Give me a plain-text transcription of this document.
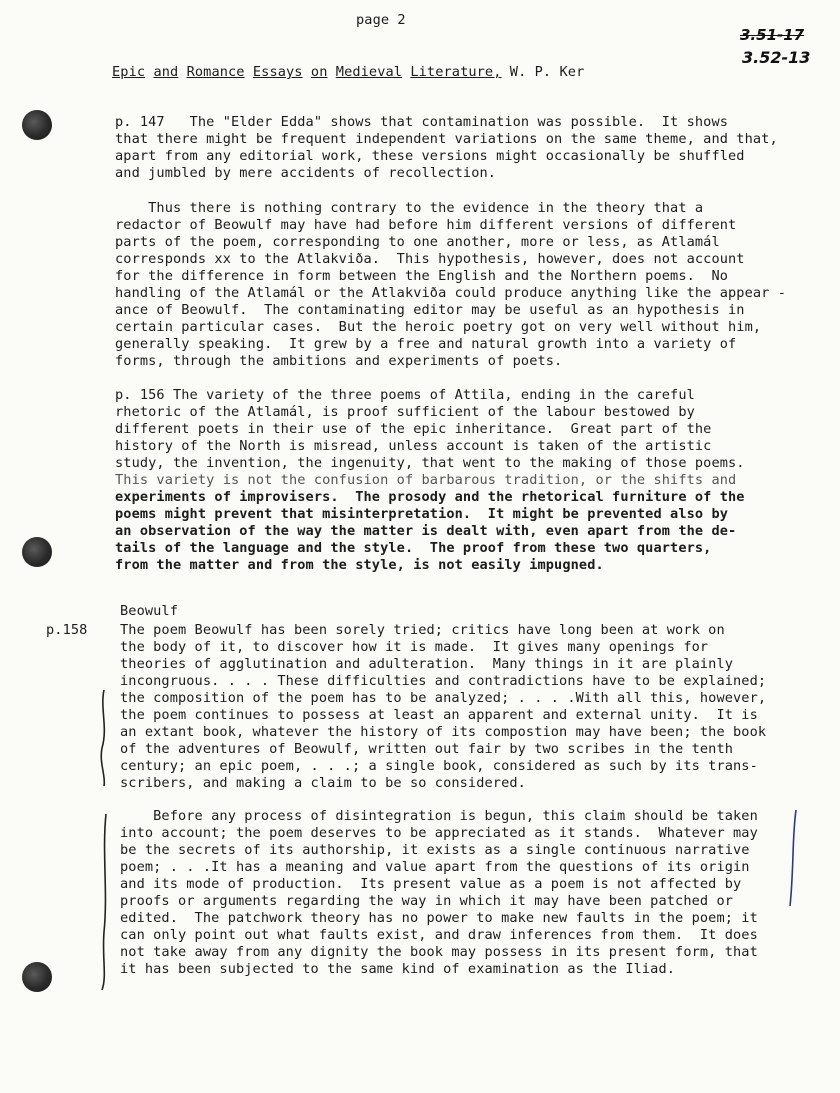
page 2
3.51-17
3.52-13
Epic and Romance Essays on Medieval Literature, W. P. Ker
p. 147   The "Elder Edda" shows that contamination was possible.  It shows
that there might be frequent independent variations on the same theme, and that,
apart from any editorial work, these versions might occasionally be shuffled
and jumbled by mere accidents of recollection.
Thus there is nothing contrary to the evidence in the theory that a
redactor of Beowulf may have had before him different versions of different
parts of the poem, corresponding to one another, more or less, as Atlamál
corresponds xx to the Atlakviða.  This hypothesis, however, does not account
for the difference in form between the English and the Northern poems.  No
handling of the Atlamál or the Atlakviða could produce anything like the appear -
ance of Beowulf.  The contaminating editor may be useful as an hypothesis in
certain particular cases.  But the heroic poetry got on very well without him,
generally speaking.  It grew by a free and natural growth into a variety of
forms, through the ambitions and experiments of poets.
p. 156 The variety of the three poems of Attila, ending in the careful
rhetoric of the Atlamál, is proof sufficient of the labour bestowed by
different poets in their use of the epic inheritance.  Great part of the
history of the North is misread, unless account is taken of the artistic
study, the invention, the ingenuity, that went to the making of those poems.
This variety is not the confusion of barbarous tradition, or the shifts and
experiments of improvisers.  The prosody and the rhetorical furniture of the
poems might prevent that misinterpretation.  It might be prevented also by
an observation of the way the matter is dealt with, even apart from the de-
tails of the language and the style.  The proof from these two quarters,
from the matter and from the style, is not easily impugned.
Beowulf
p.158 The poem Beowulf has been sorely tried; critics have long been at work on
the body of it, to discover how it is made.  It gives many openings for
theories of agglutination and adulteration.  Many things in it are plainly
incongruous. . . . These difficulties and contradictions have to be explained;
the composition of the poem has to be analyzed; . . . .With all this, however,
the poem continues to possess at least an apparent and external unity.  It is
an extant book, whatever the history of its compostion may have been; the book
of the adventures of Beowulf, written out fair by two scribes in the tenth
century; an epic poem, . . .; a single book, considered as such by its trans-
scribers, and making a claim to be so considered.
Before any process of disintegration is begun, this claim should be taken
into account; the poem deserves to be appreciated as it stands.  Whatever may
be the secrets of its authorship, it exists as a single continuous narrative
poem; . . .It has a meaning and value apart from the questions of its origin
and its mode of production.  Its present value as a poem is not affected by
proofs or arguments regarding the way in which it may have been patched or
edited.  The patchwork theory has no power to make new faults in the poem; it
can only point out what faults exist, and draw inferences from them.  It does
not take away from any dignity the book may possess in its present form, that
it has been subjected to the same kind of examination as the Iliad.
